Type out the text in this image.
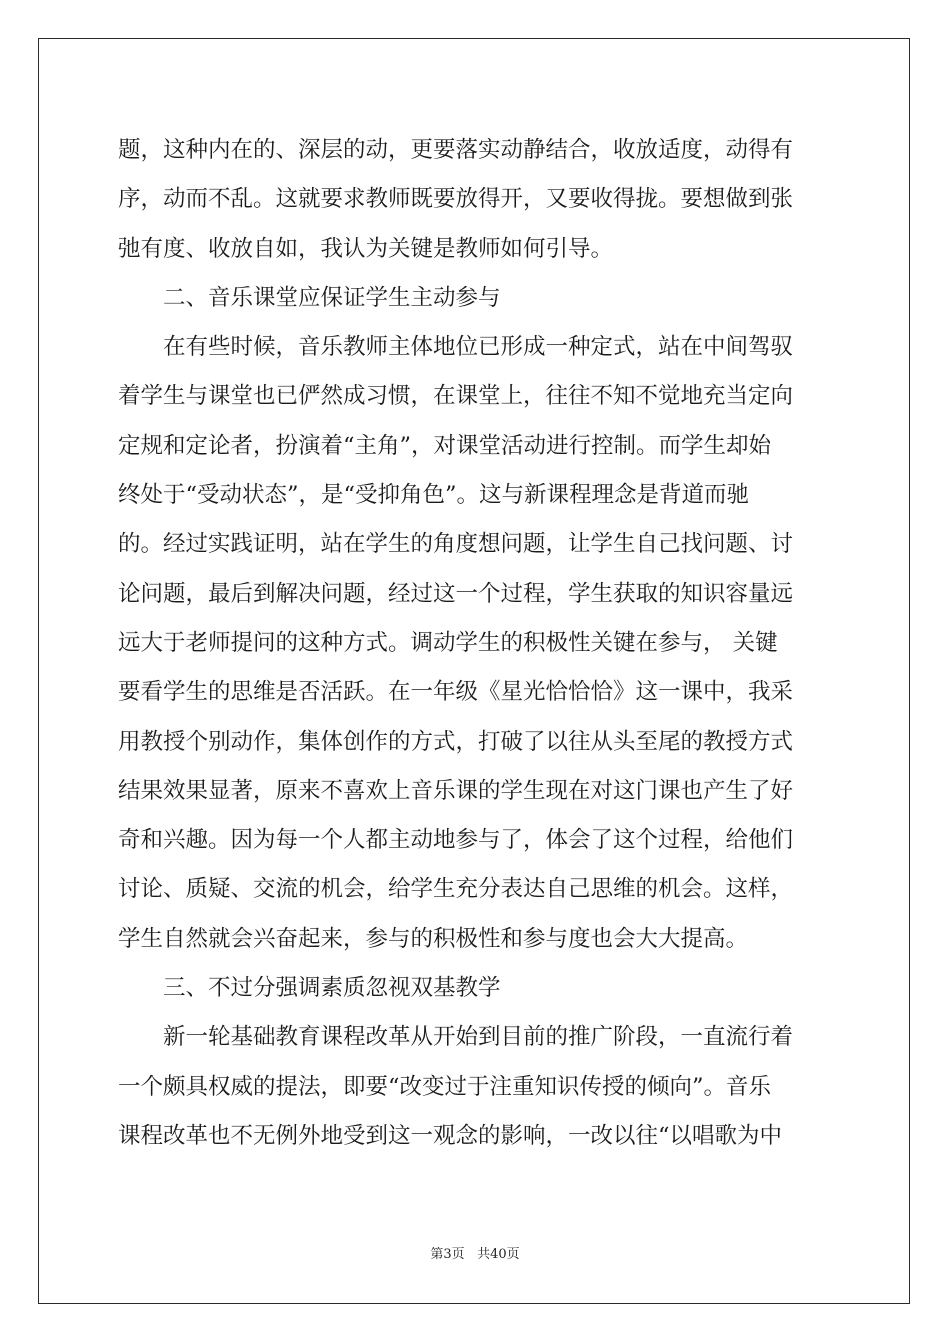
题，这种内在的、深层的动，更要落实动静结合，收放适度，动得有
序，动而不乱。这就要求教师既要放得开，又要收得拢。要想做到张
弛有度、收放自如，我认为关键是教师如何引导。
　　二、音乐课堂应保证学生主动参与
　　在有些时候，音乐教师主体地位已形成一种定式，站在中间驾驭
着学生与课堂也已俨然成习惯，在课堂上，往往不知不觉地充当定向
定规和定论者，扮演着“主角”，对课堂活动进行控制。而学生却始
终处于“受动状态”，是“受抑角色”。这与新课程理念是背道而驰
的。经过实践证明，站在学生的角度想问题，让学生自己找问题、讨
论问题，最后到解决问题，经过这一个过程，学生获取的知识容量远
远大于老师提问的这种方式。调动学生的积极性关键在参与， 关键
要看学生的思维是否活跃。在一年级《星光恰恰恰》这一课中，我采
用教授个别动作，集体创作的方式，打破了以往从头至尾的教授方式
结果效果显著，原来不喜欢上音乐课的学生现在对这门课也产生了好
奇和兴趣。因为每一个人都主动地参与了，体会了这个过程，给他们
讨论、质疑、交流的机会，给学生充分表达自己思维的机会。这样，
学生自然就会兴奋起来，参与的积极性和参与度也会大大提高。
　　三、不过分强调素质忽视双基教学
　　新一轮基础教育课程改革从开始到目前的推广阶段，一直流行着
一个颇具权威的提法，即要“改变过于注重知识传授的倾向”。音乐
课程改革也不无例外地受到这一观念的影响，一改以往“以唱歌为中
第3页 共40页
